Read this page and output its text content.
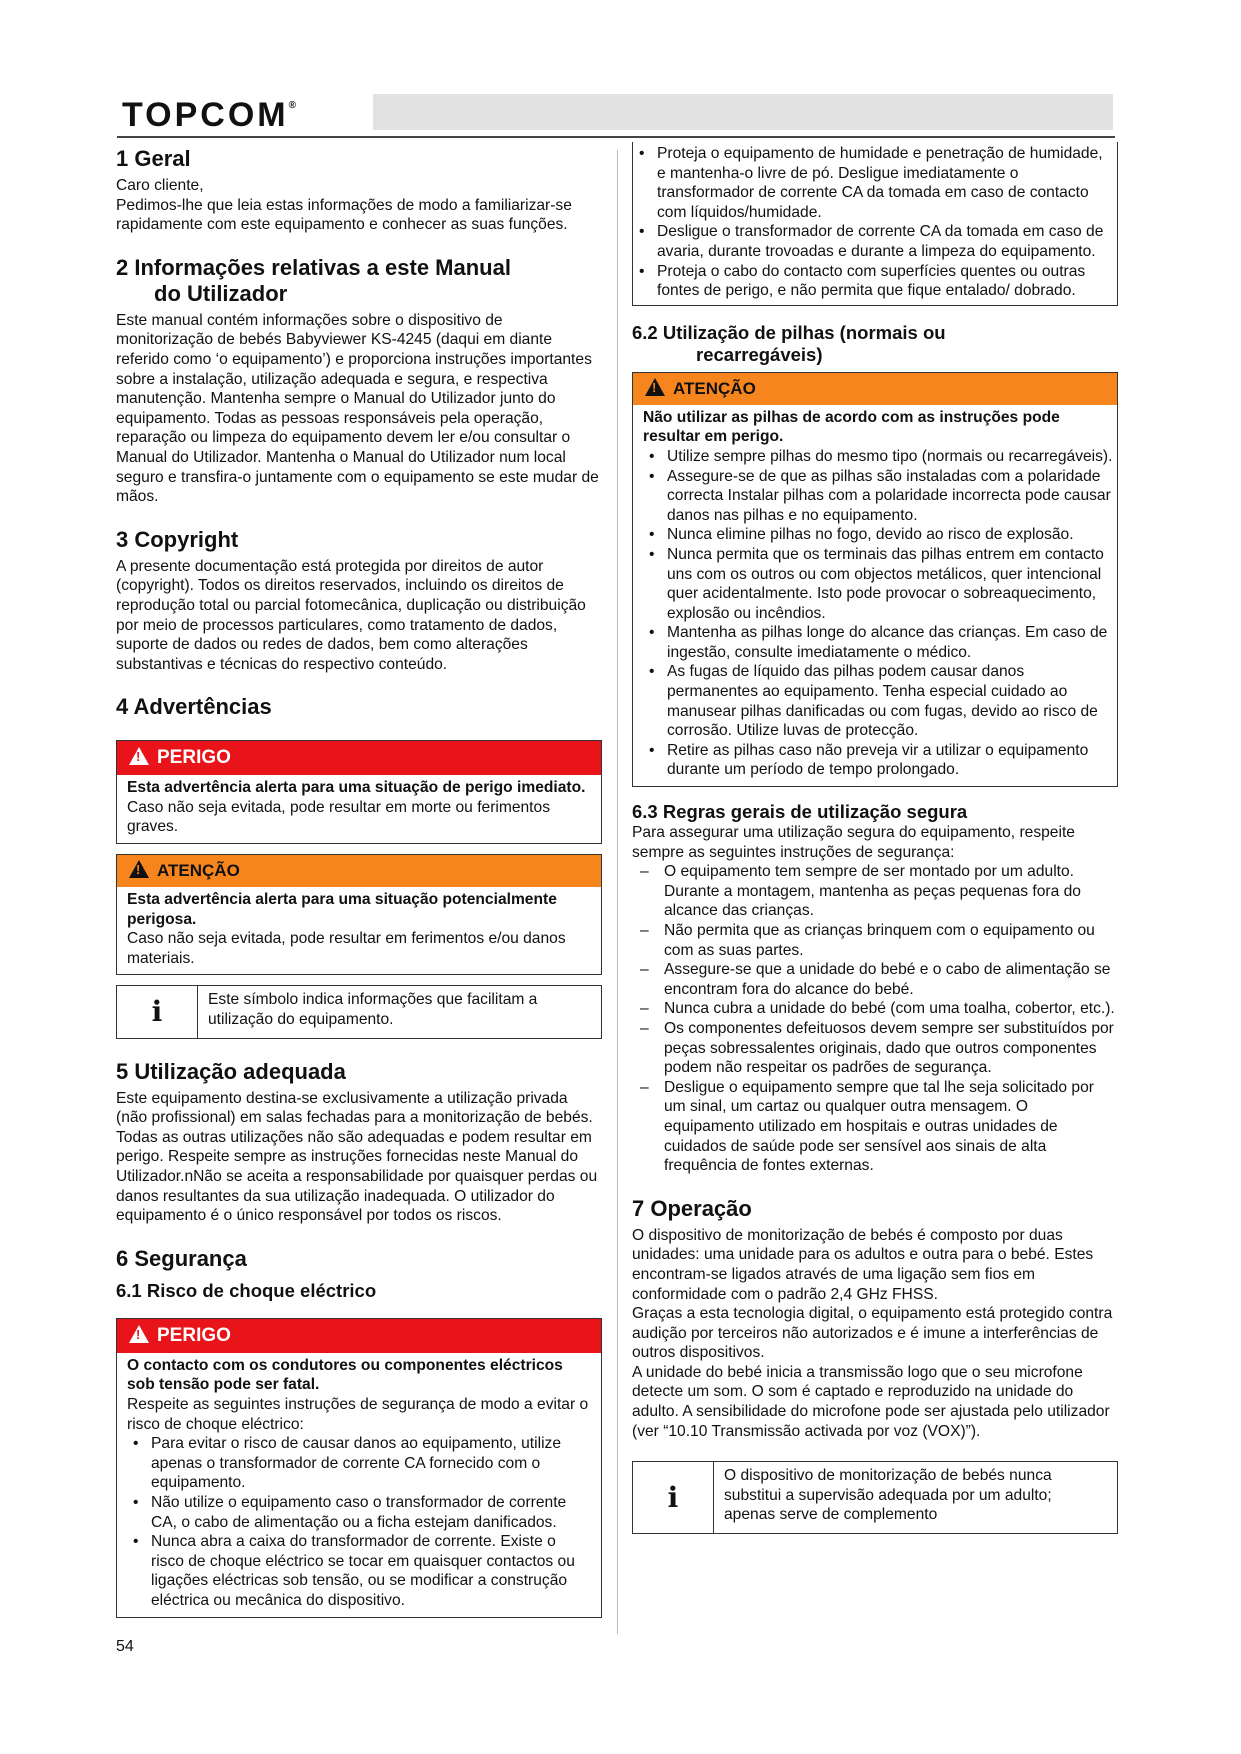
TOPCOM®
1 Geral

Caro cliente,

Pedimos-lhe que leia estas informações de modo a familiarizar-se rapidamente com este equipamento e conhecer as suas funções.

2 Informações relativas a este Manual
do Utilizador

Este manual contém informações sobre o dispositivo de monitorização de bebés Babyviewer KS-4245 (daqui em diante referido como ‘o equipamento’) e proporciona instruções importantes sobre a instalação, utilização adequada e segura, e respectiva manutenção. Mantenha sempre o Manual do Utilizador junto do equipamento. Todas as pessoas responsáveis pela operação, reparação ou limpeza do equipamento devem ler e/ou consultar o Manual do Utilizador. Mantenha o Manual do Utilizador num local seguro e transfira-o juntamente com o equipamento se este mudar de mãos.

3 Copyright

A presente documentação está protegida por direitos de autor (copyright). Todos os direitos reservados, incluindo os direitos de reprodução total ou parcial fotomecânica, duplicação ou distribuição por meio de processos particulares, como tratamento de dados, suporte de dados ou redes de dados, bem como alterações substantivas e técnicas do respectivo conteúdo.

4 Advertências
!PERIGO

Esta advertência alerta para uma situação de perigo imediato.

Caso não seja evitada, pode resultar em morte ou ferimentos graves.

!ATENÇÃO

Esta advertência alerta para uma situação potencialmente perigosa.

Caso não seja evitada, pode resultar em ferimentos e/ou danos materiais.

i	Este símbolo indica informações que facilitam a utilização do equipamento.
5 Utilização adequada

Este equipamento destina-se exclusivamente a utilização privada (não profissional) em salas fechadas para a monitorização de bebés. Todas as outras utilizações não são adequadas e podem resultar em perigo. Respeite sempre as instruções fornecidas neste Manual do Utilizador.nNão se aceita a responsabilidade por quaisquer perdas ou danos resultantes da sua utilização inadequada. O utilizador do equipamento é o único responsável por todos os riscos.

6 Segurança
6.1 Risco de choque eléctrico
!PERIGO

O contacto com os condutores ou componentes eléctricos sob tensão pode ser fatal.

Respeite as seguintes instruções de segurança de modo a evitar o risco de choque eléctrico:

• Para evitar o risco de causar danos ao equipamento, utilize apenas o transformador de corrente CA fornecido com o equipamento.
• Não utilize o equipamento caso o transformador de corrente CA, o cabo de alimentação ou a ficha estejam danificados.
• Nunca abra a caixa do transformador de corrente. Existe o risco de choque eléctrico se tocar em quaisquer contactos ou ligações eléctricas sob tensão, ou se modificar a construção eléctrica ou mecânica do dispositivo.
• Proteja o equipamento de humidade e penetração de humidade, e mantenha-o livre de pó. Desligue imediatamente o transformador de corrente CA da tomada em caso de contacto com líquidos/humidade.
• Desligue o transformador de corrente CA da tomada em caso de avaria, durante trovoadas e durante a limpeza do equipamento.
• Proteja o cabo do contacto com superfícies quentes ou outras fontes de perigo, e não permita que fique entalado/ dobrado.
6.2 Utilização de pilhas (normais ou
recarregáveis)
!ATENÇÃO

Não utilizar as pilhas de acordo com as instruções pode resultar em perigo.

• Utilize sempre pilhas do mesmo tipo (normais ou recarregáveis).
• Assegure-se de que as pilhas são instaladas com a polaridade correcta Instalar pilhas com a polaridade incorrecta pode causar danos nas pilhas e no equipamento.
• Nunca elimine pilhas no fogo, devido ao risco de explosão.
• Nunca permita que os terminais das pilhas entrem em contacto uns com os outros ou com objectos metálicos, quer intencional quer acidentalmente. Isto pode provocar o sobreaquecimento, explosão ou incêndios.
• Mantenha as pilhas longe do alcance das crianças. Em caso de ingestão, consulte imediatamente o médico.
• As fugas de líquido das pilhas podem causar danos permanentes ao equipamento. Tenha especial cuidado ao manusear pilhas danificadas ou com fugas, devido ao risco de corrosão. Utilize luvas de protecção.
• Retire as pilhas caso não preveja vir a utilizar o equipamento durante um período de tempo prolongado.
6.3 Regras gerais de utilização segura

Para assegurar uma utilização segura do equipamento, respeite sempre as seguintes instruções de segurança:

– O equipamento tem sempre de ser montado por um adulto. Durante a montagem, mantenha as peças pequenas fora do alcance das crianças.
– Não permita que as crianças brinquem com o equipamento ou com as suas partes.
– Assegure-se que a unidade do bebé e o cabo de alimentação se encontram fora do alcance do bebé.
– Nunca cubra a unidade do bebé (com uma toalha, cobertor, etc.).
– Os componentes defeituosos devem sempre ser substituídos por peças sobressalentes originais, dado que outros componentes podem não respeitar os padrões de segurança.
– Desligue o equipamento sempre que tal lhe seja solicitado por um sinal, um cartaz ou qualquer outra mensagem. O equipamento utilizado em hospitais e outras unidades de cuidados de saúde pode ser sensível aos sinais de alta frequência de fontes externas.
7 Operação

O dispositivo de monitorização de bebés é composto por duas unidades: uma unidade para os adultos e outra para o bebé. Estes encontram-se ligados através de uma ligação sem fios em conformidade com o padrão 2,4 GHz FHSS.

Graças a esta tecnologia digital, o equipamento está protegido contra audição por terceiros não autorizados e é imune a interferências de outros dispositivos.

A unidade do bebé inicia a transmissão logo que o seu microfone detecte um som. O som é captado e reproduzido na unidade do adulto. A sensibilidade do microfone pode ser ajustada pelo utilizador (ver “10.10 Transmissão activada por voz (VOX)”).

i
O dispositivo de monitorização de bebés nunca substitui a supervisão adequada por um adulto; apenas serve de complemento
54
